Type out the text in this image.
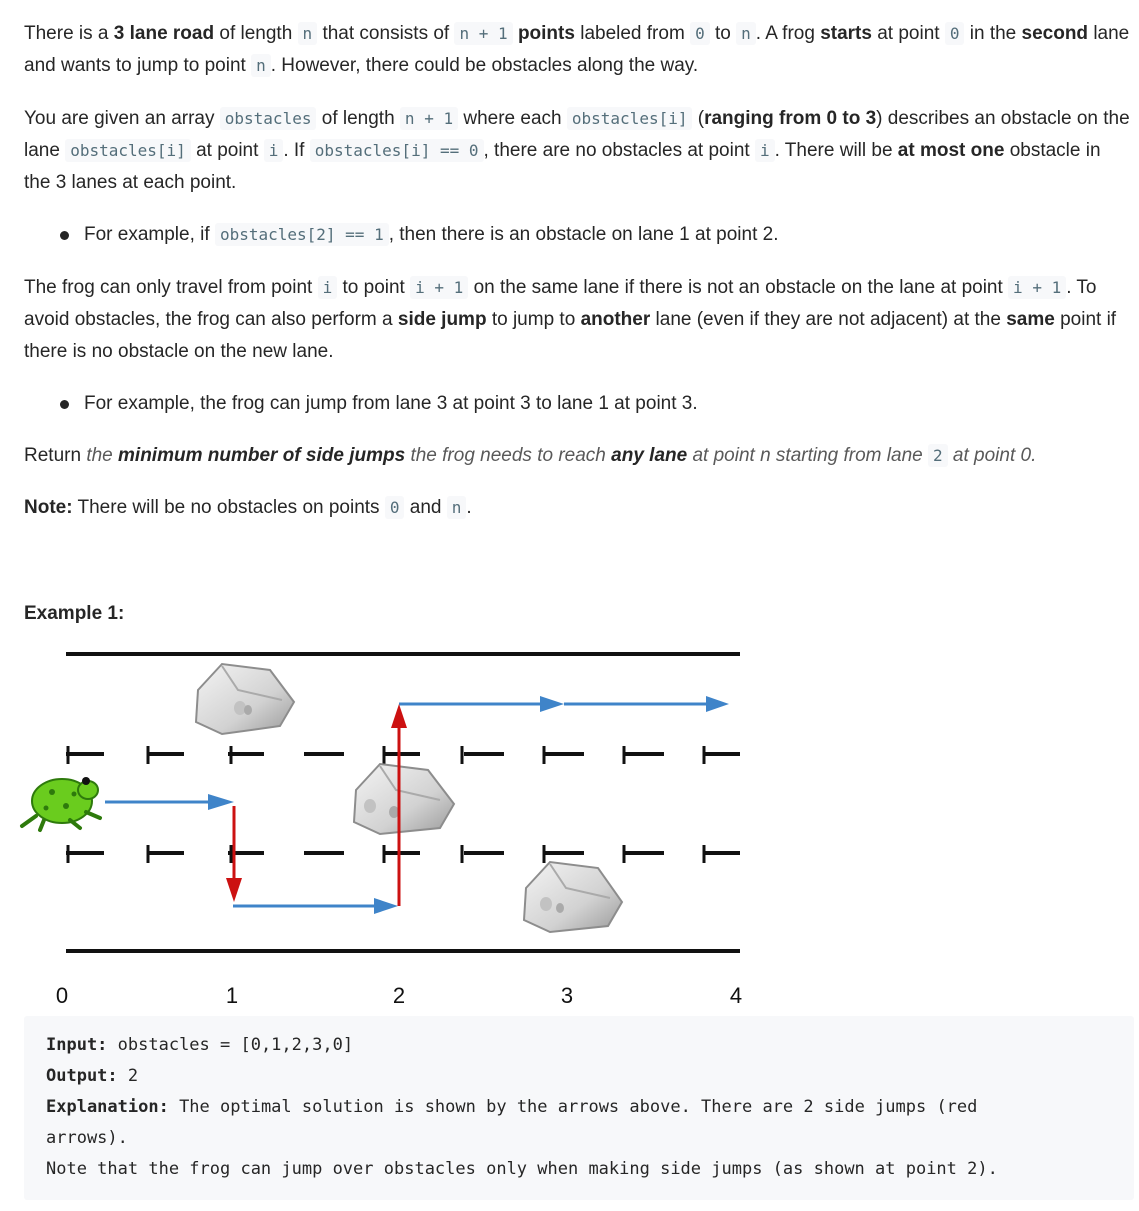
There is a 3 lane road of length n that consists of n + 1 points labeled from 0 to n . A frog starts at point 0 in the second lane and wants to jump to point n . However, there could be obstacles along the way.

You are given an array obstacles of length n + 1 where each obstacles[i] (ranging from 0 to 3) describes an obstacle on the lane obstacles[i] at point i . If obstacles[i] == 0 , there are no obstacles at point i . There will be at most one obstacle in the 3 lanes at each point.

For example, if obstacles[2] == 1 , then there is an obstacle on lane 1 at point 2.

The frog can only travel from point i to point i + 1 on the same lane if there is not an obstacle on the lane at point i + 1 . To avoid obstacles, the frog can also perform a side jump to jump to another lane (even if they are not adjacent) at the same point if there is no obstacle on the new lane.

For example, the frog can jump from lane 3 at point 3 to lane 1 at point 3.

Return the minimum number of side jumps the frog needs to reach any lane at point n starting from lane 2 at point 0.

Note: There will be no obstacles on points 0 and n .

Example 1:
0	1	2	3	4
Input: obstacles = [0,1,2,3,0]
Output: 2
Explanation: The optimal solution is shown by the arrows above. There are 2 side jumps (red
arrows).
Note that the frog can jump over obstacles only when making side jumps (as shown at point 2).
